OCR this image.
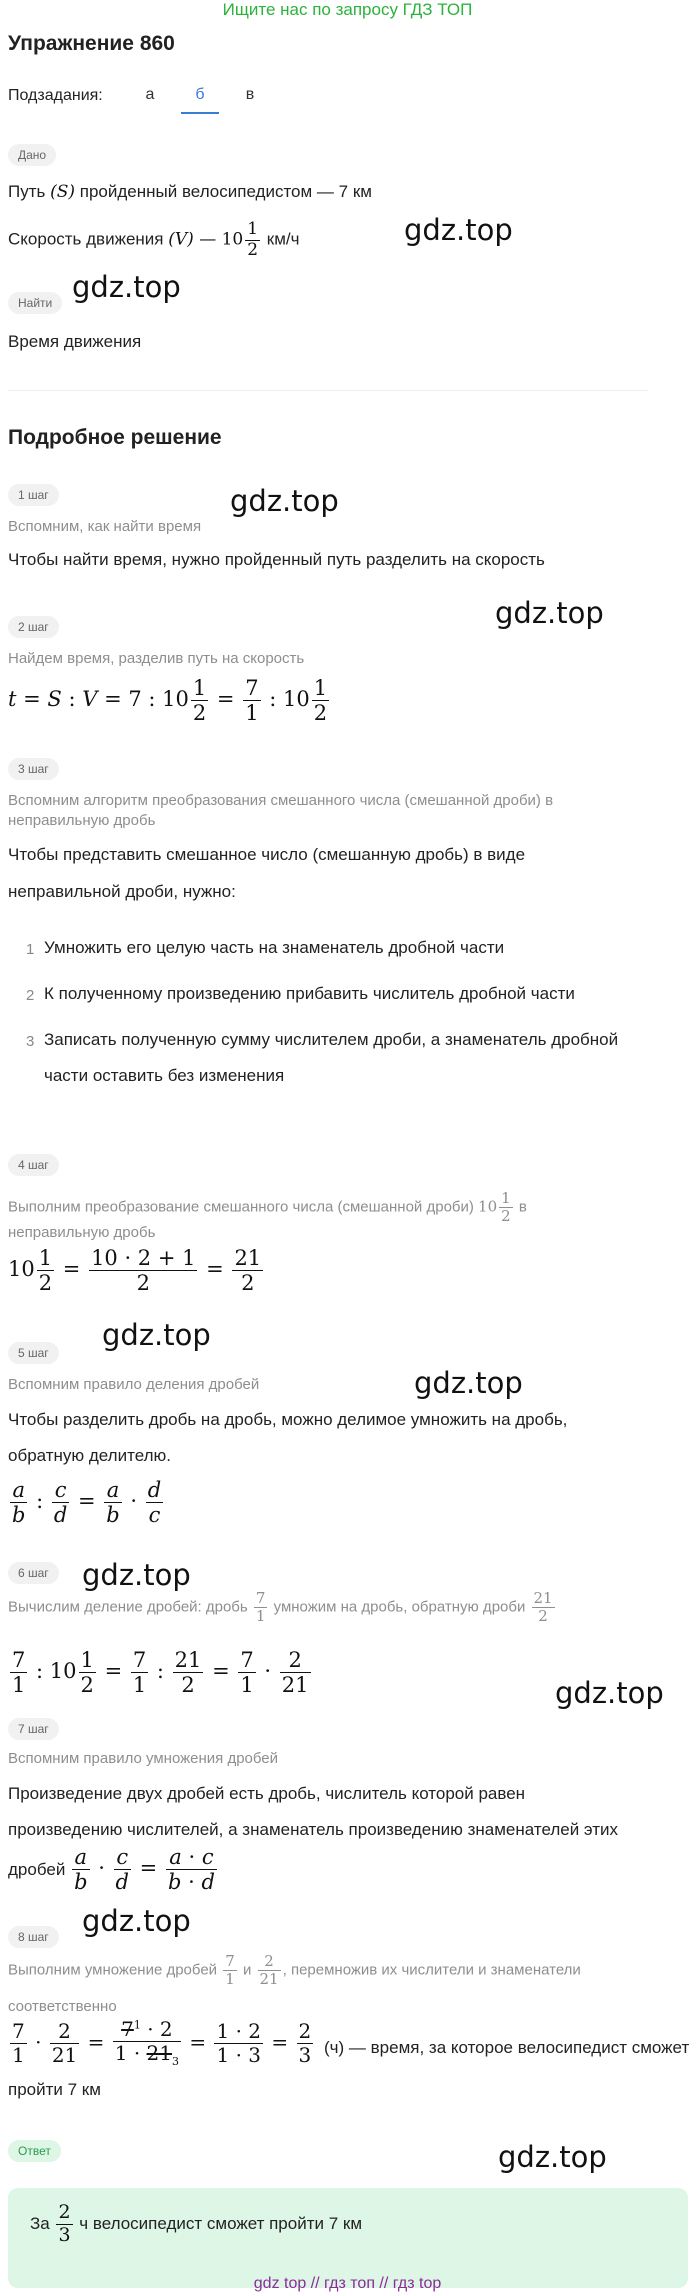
Ищите нас по запросу ГДЗ ТОП
Упражнение 860
Подзадания:	а	б	в
Дано
Путь (S) пройденный велосипедистом — 7 км
Скорость движения (V) — $10 \frac{1}{2} км/ч$	gdz.top
Найти gdz.top
Время движения
Подробное решение
1 шаг	gdz.top
Вспомним, как найти время
Чтобы найти время, нужно пройденный путь разделить на скорость
2 шаг	gdz.top
Найдем время, разделив путь на скорость
t = S : V = 7 : $10 \frac{1}{2} = \frac{7}{1}$ : $10 \frac{1}{2}$
3 шаг
Вспомним алгоритм преобразования смешанного числа (смешанной дроби) в
неправильную дробь
Чтобы представить смешанное число (смешанную дробь) в виде
неправильной дроби, нужно:
1 Умножить его целую часть на знаменатель дробной части
2 К полученному произведению прибавить числитель дробной части
3 Записать полученную сумму числителем дроби, а знаменатель дробной
части оставить без изменения
4 шаг
Выполним преобразование смешанного числа (смешанной дроби) $10 \frac{1}{2}$ в
неправильную дробь
$10 \frac{1}{2} = \frac{10 \cdot 2 + 1}{2} = \frac{21}{2}$
5 шаг
gdz.top
gdz.top
Вспомним правило деления дробей
Чтобы разделить дробь на дробь, можно делимое умножить на дробь,
обратную делителю.
$\frac{a}{b}$ : $\frac{c}{d} = \frac{a}{b} \cdot \frac{d}{c}$
6 шаг	gdz.top
Вычислим деление дробей: дробь $\frac{7}{1}$ умножим на дробь, обратную дроби $\frac{21}{2}$
$\frac{7}{1}$ : $10 \frac{1}{2} = \frac{7}{1}$ : $\frac{21}{2} = \frac{7}{1} \cdot \frac{2}{21}$	gdz.top
7 шаг
Вспомним правило умножения дробей
Произведение двух дробей есть дробь, числитель которой равен
произведению числителей, а знаменатель произведению знаменателей этих
дробей $\frac{a}{b} \cdot \frac{c}{d} = \frac{a \cdot c}{b \cdot d}$
8 шаг	gdz.top
Выполним умножение дробей $\frac{7}{1}$ и $\frac{2}{21}$ , перемножив их числители и знаменатели
соответственно
$\frac{7}{1} \cdot \frac{2}{21} = \frac{7^1 \cdot 2}{1 \cdot 21_3} = \frac{1 \cdot 2}{1 \cdot 3} = \frac{2}{3} (ч)$ — время, за которое велосипедист сможет
пройти 7 км
Ответ	gdz.top
За $\frac{2}{3}$ ч велосипедист сможет пройти 7 км
gdz top // гдз топ // гдз top
